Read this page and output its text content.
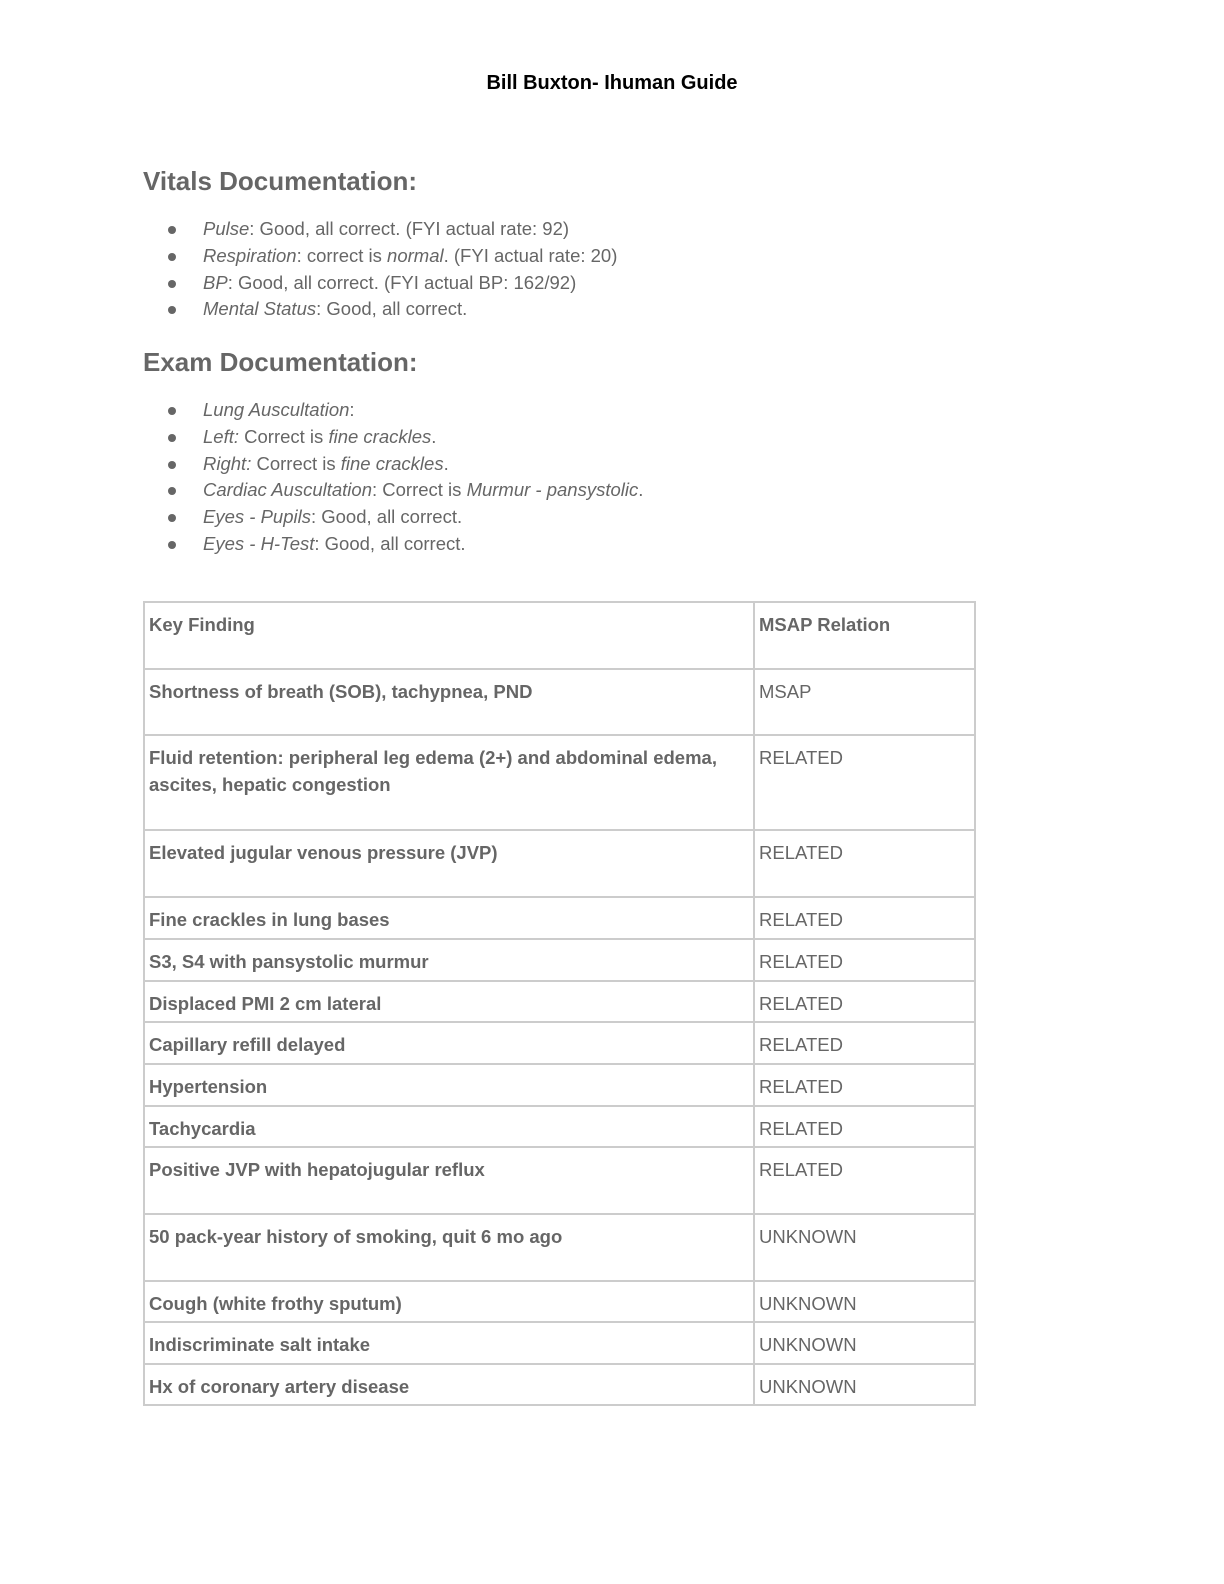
Bill Buxton- Ihuman Guide
Vitals Documentation:
Pulse: Good, all correct. (FYI actual rate: 92)
Respiration: correct is normal. (FYI actual rate: 20)
BP: Good, all correct. (FYI actual BP: 162/92)
Mental Status: Good, all correct.
Exam Documentation:
Lung Auscultation:
Left: Correct is fine crackles.
Right: Correct is fine crackles.
Cardiac Auscultation: Correct is Murmur - pansystolic.
Eyes - Pupils: Good, all correct.
Eyes - H-Test: Good, all correct.
Key Finding	MSAP Relation
Shortness of breath (SOB), tachypnea, PND	MSAP
Fluid retention: peripheral leg edema (2+) and abdominal edema, ascites, hepatic congestion	RELATED
Elevated jugular venous pressure (JVP)	RELATED
Fine crackles in lung bases	RELATED
S3, S4 with pansystolic murmur	RELATED
Displaced PMI 2 cm lateral	RELATED
Capillary refill delayed	RELATED
Hypertension	RELATED
Tachycardia	RELATED
Positive JVP with hepatojugular reflux	RELATED
50 pack-year history of smoking, quit 6 mo ago	UNKNOWN
Cough (white frothy sputum)	UNKNOWN
Indiscriminate salt intake	UNKNOWN
Hx of coronary artery disease	UNKNOWN
